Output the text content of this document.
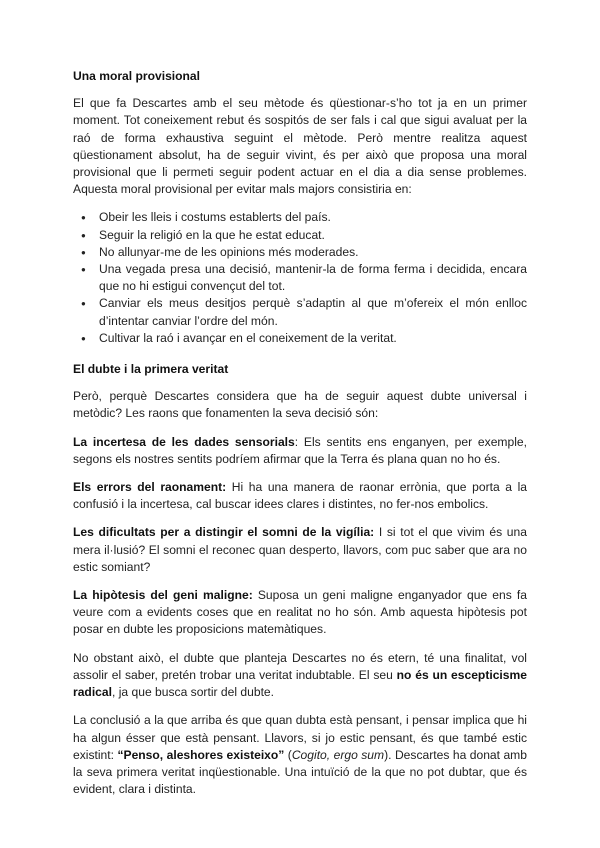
Una moral provisional

El que fa Descartes amb el seu mètode és qüestionar-s’ho tot ja en un primer moment. Tot coneixement rebut és sospitós de ser fals i cal que sigui avaluat per la raó de forma exhaustiva seguint el mètode. Però mentre realitza aquest qüestionament absolut, ha de seguir vivint, és per això que proposa una moral provisional que li permeti seguir podent actuar en el dia a dia sense problemes. Aquesta moral provisional per evitar mals majors consistiria en:

● Obeir les lleis i costums establerts del país.
● Seguir la religió en la que he estat educat.
● No allunyar-me de les opinions més moderades.
● Una vegada presa una decisió, mantenir-la de forma ferma i decidida, encara que no hi estigui convençut del tot.
● Canviar els meus desitjos perquè s’adaptin al que m’ofereix el món enlloc d’intentar canviar l’ordre del món.
● Cultivar la raó i avançar en el coneixement de la veritat.
El dubte i la primera veritat

Però, perquè Descartes considera que ha de seguir aquest dubte universal i metòdic? Les raons que fonamenten la seva decisió són:

La incertesa de les dades sensorials: Els sentits ens enganyen, per exemple, segons els nostres sentits podríem afirmar que la Terra és plana quan no ho és.

Els errors del raonament: Hi ha una manera de raonar errònia, que porta a la confusió i la incertesa, cal buscar idees clares i distintes, no fer-nos embolics.

Les dificultats per a distingir el somni de la vigília: I si tot el que vivim és una mera il·lusió? El somni el reconec quan desperto, llavors, com puc saber que ara no estic somiant?

La hipòtesis del geni maligne: Suposa un geni maligne enganyador que ens fa veure com a evidents coses que en realitat no ho són. Amb aquesta hipòtesis pot posar en dubte les proposicions matemàtiques.

No obstant això, el dubte que planteja Descartes no és etern, té una finalitat, vol assolir el saber, pretén trobar una veritat indubtable. El seu no és un escepticisme radical, ja que busca sortir del dubte.

La conclusió a la que arriba és que quan dubta està pensant, i pensar implica que hi ha algun ésser que està pensant. Llavors, si jo estic pensant, és que també estic existint: “Penso, aleshores existeixo” (Cogito, ergo sum). Descartes ha donat amb la seva primera veritat inqüestionable. Una intuïció de la que no pot dubtar, que és evident, clara i distinta.
